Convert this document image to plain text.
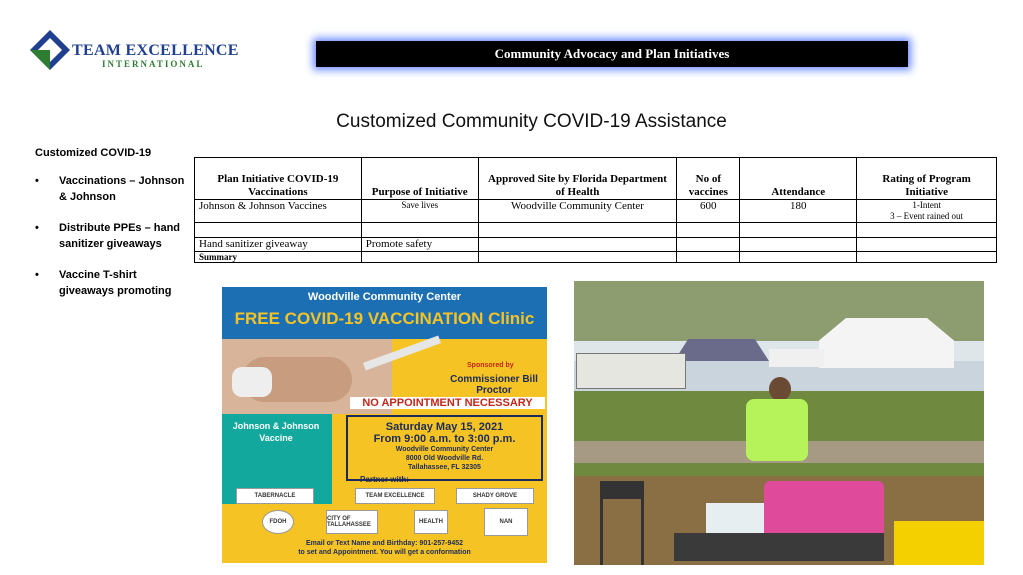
TEAM EXCELLENCE
INTERNATIONAL
Community Advocacy and Plan Initiatives
Customized Community COVID-19 Assistance
Customized COVID-19
• Vaccinations – Johnson & Johnson
• Distribute PPEs – hand sanitizer giveaways
• Vaccine T-shirt giveaways promoting
Plan Initiative COVID-19 Vaccinations	Purpose of Initiative	Approved Site by Florida Department of Health	No of vaccines	Attendance	Rating of Program Initiative
Johnson & Johnson Vaccines	Save lives	Woodville Community Center	600	180	1-Intent
3 – Event rained out

Hand sanitizer giveaway	Promote safety				
Summary					
Woodville Community Center
FREE COVID-19 VACCINATION Clinic
Johnson & Johnson Vaccine
Sponsored by
Commissioner Bill Proctor
NO APPOINTMENT NECESSARY
Saturday May 15, 2021
From 9:00 a.m. to 3:00 p.m.
Woodville Community Center
8000 Old Woodville Rd.
Tallahassee, FL 32305
Partner with:
TABERNACLE	TEAM EXCELLENCE	SHADY GROVE
FDOH	CITY OF TALLAHASSEE	HEALTH	NAN
Email or Text Name and Birthday: 901-257-9452
to set and Appointment. You will get a conformation
